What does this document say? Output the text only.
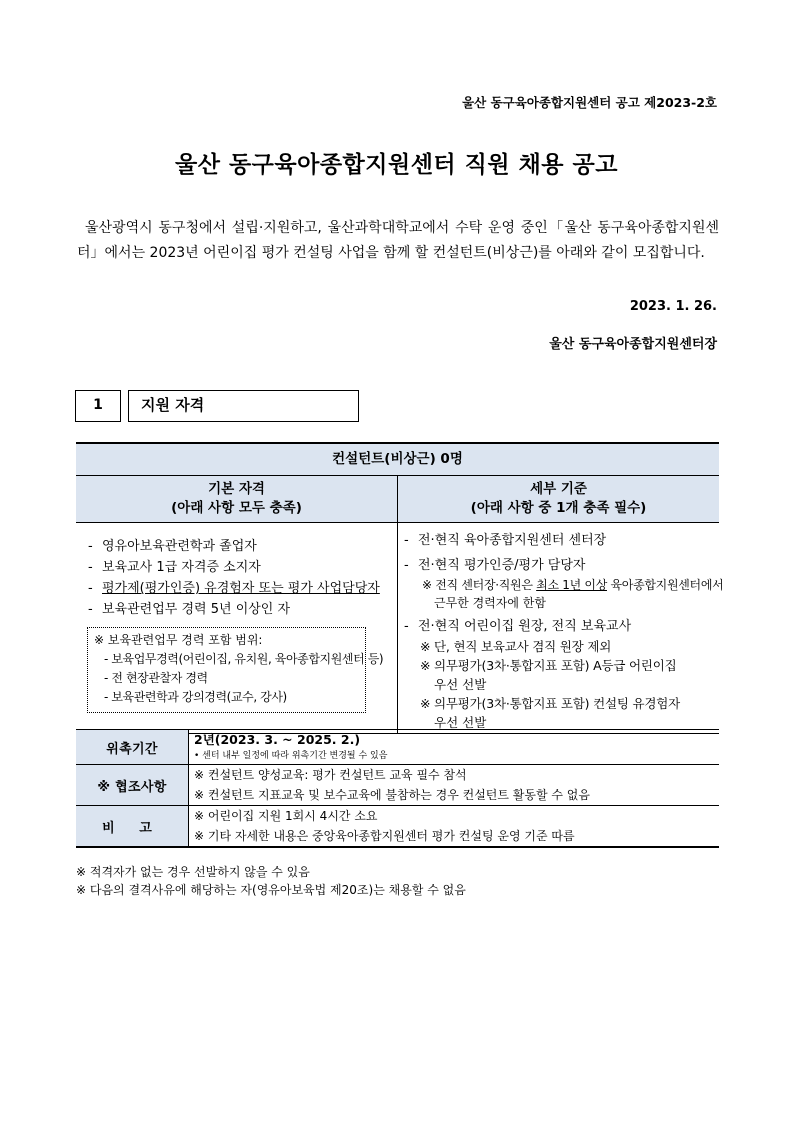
울산 동구육아종합지원센터 공고 제2023-2호
울산 동구육아종합지원센터 직원 채용 공고
울산광역시 동구청에서 설립·지원하고, 울산과학대학교에서 수탁 운영 중인「울산 동구육아종합지원센터」에서는 2023년 어린이집 평가 컨설팅 사업을 함께 할 컨설턴트(비상근)를 아래와 같이 모집합니다.
2023. 1. 26.
울산 동구육아종합지원센터장
1	지원 자격
컨설턴트(비상근) 0명
기본 자격
(아래 사항 모두 충족)
세부 기준
(아래 사항 중 1개 충족 필수)
- 영유아보육관련학과 졸업자
- 보육교사 1급 자격증 소지자
- 평가제(평가인증) 유경험자 또는 평가 사업담당자
- 보육관련업무 경력 5년 이상인 자
※ 보육관련업무 경력 포함 범위:
- 보육업무경력(어린이집, 유치원, 육아종합지원센터 등)
- 전 현장관찰자 경력
- 보육관련학과 강의경력(교수, 강사)
- 전·현직 육아종합지원센터 센터장
- 전·현직 평가인증/평가 담당자
※ 전직 센터장·직원은 최소 1년 이상 육아종합지원센터에서
근무한 경력자에 한함
- 전·현직 어린이집 원장, 전직 보육교사
※ 단, 현직 보육교사 겸직 원장 제외
※ 의무평가(3차·통합지표 포함) A등급 어린이집
우선 선발
※ 의무평가(3차·통합지표 포함) 컨설팅 유경험자
우선 선발
위촉기간
2년(2023. 3. ~ 2025. 2.)
• 센터 내부 일정에 따라 위촉기간 변경될 수 있음
※ 협조사항
※ 컨설턴트 양성교육: 평가 컨설턴트 교육 필수 참석
※ 컨설턴트 지표교육 및 보수교육에 불참하는 경우 컨설턴트 활동할 수 없음
비 고
※ 어린이집 지원 1회시 4시간 소요
※ 기타 자세한 내용은 중앙육아종합지원센터 평가 컨설팅 운영 기준 따름
※ 적격자가 없는 경우 선발하지 않을 수 있음
※ 다음의 결격사유에 해당하는 자(영유아보육법 제20조)는 채용할 수 없음
